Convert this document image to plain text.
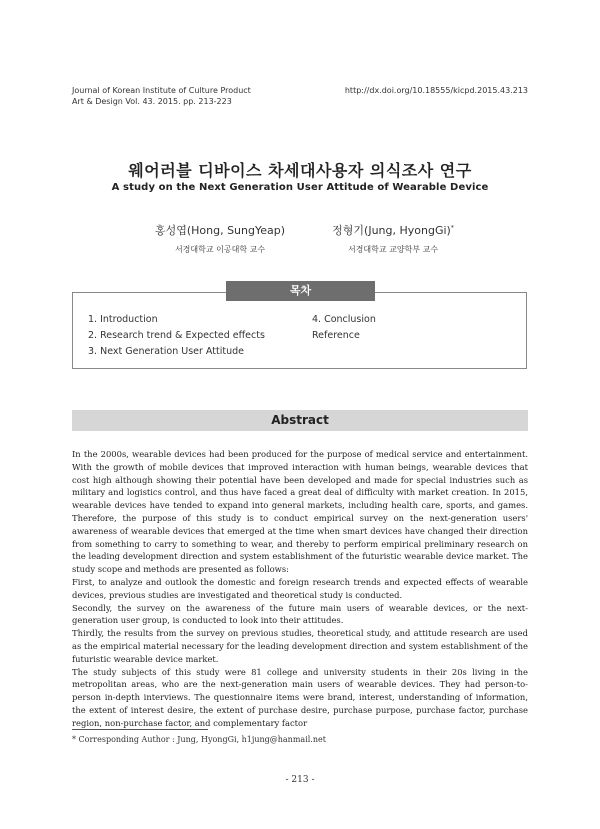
Journal of Korean Institute of Culture Product
Art & Design Vol. 43. 2015. pp. 213-223
http://dx.doi.org/10.18555/kicpd.2015.43.213
웨어러블 디바이스 차세대사용자 의식조사 연구
A study on the Next Generation User Attitude of Wearable Device
홍성엽(Hong, SungYeap)
서경대학교 이공대학 교수
정형기(Jung, HyongGi)*
서경대학교 교양학부 교수
목차
1. Introduction
2. Research trend & Expected effects
3. Next Generation User Attitude
4. Conclusion
Reference
Abstract

In the 2000s, wearable devices had been produced for the purpose of medical service and entertainment. With the growth of mobile devices that improved interaction with human beings, wearable devices that cost high although showing their potential have been developed and made for special industries such as military and logistics control, and thus have faced a great deal of difficulty with market creation. In 2015, wearable devices have tended to expand into general markets, including health care, sports, and games. Therefore, the purpose of this study is to conduct empirical survey on the next-generation users' awareness of wearable devices that emerged at the time when smart devices have changed their direction from something to carry to something to wear, and thereby to perform empirical preliminary research on the leading development direction and system establishment of the futuristic wearable device market. The study scope and methods are presented as follows:

First, to analyze and outlook the domestic and foreign research trends and expected effects of wearable devices, previous studies are investigated and theoretical study is conducted.

Secondly, the survey on the awareness of the future main users of wearable devices, or the next-generation user group, is conducted to look into their attitudes.

Thirdly, the results from the survey on previous studies, theoretical study, and attitude research are used as the empirical material necessary for the leading development direction and system establishment of the futuristic wearable device market.

The study subjects of this study were 81 college and university students in their 20s living in the metropolitan areas, who are the next-generation main users of wearable devices. They had person-to-person in-depth interviews. The questionnaire items were brand, interest, understanding of information, the extent of interest desire, the extent of purchase desire, purchase purpose, purchase factor, purchase region, non-purchase factor, and complementary factor

* Corresponding Author : Jung, HyongGi, h1jung@hanmail.net
- 213 -
